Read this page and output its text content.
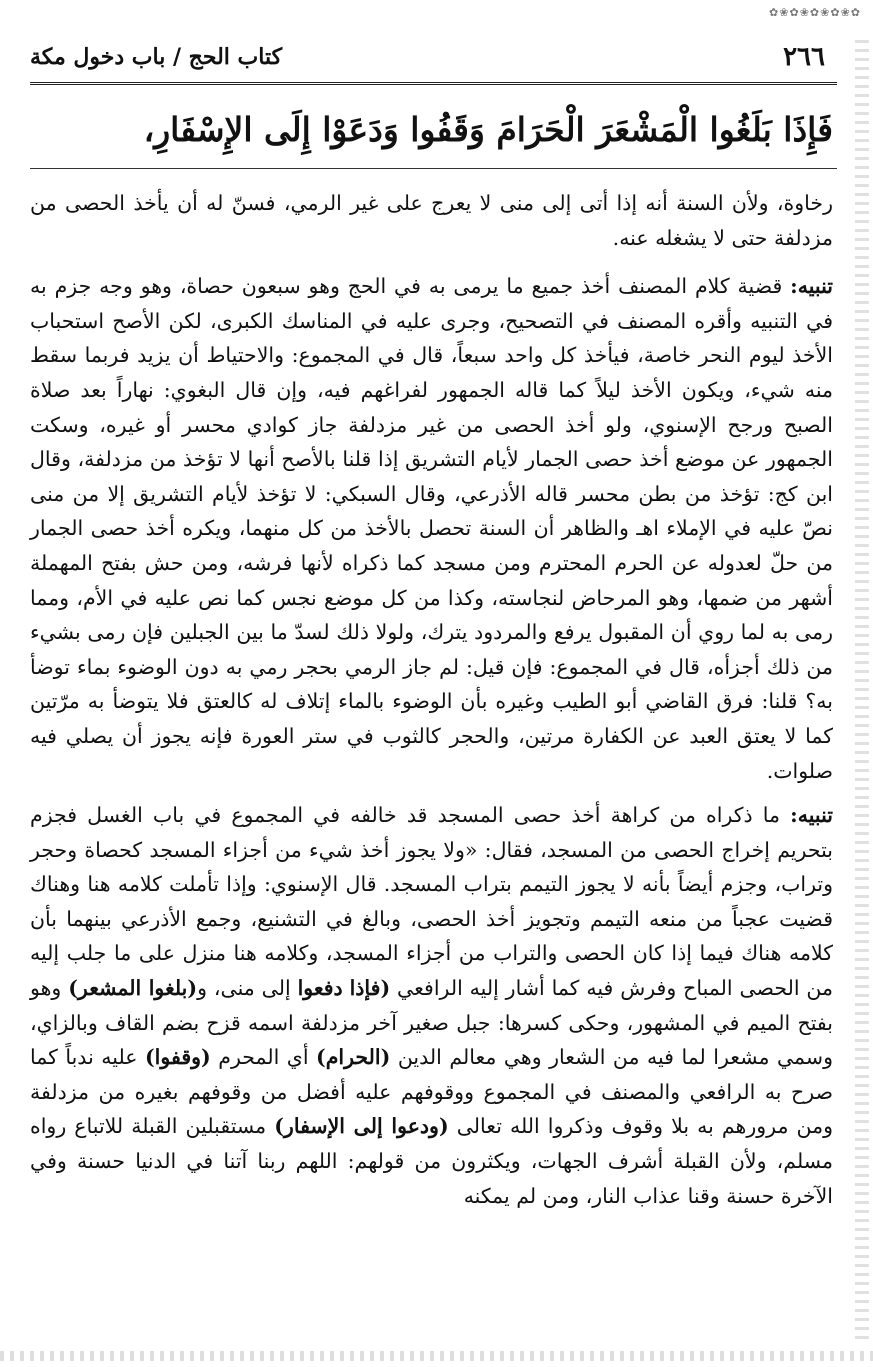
✿❀✿❀✿❀✿❀✿
٢٦٦
كتاب الحج / باب دخول مكة
فَإِذَا بَلَغُوا الْمَشْعَرَ الْحَرَامَ وَقَفُوا وَدَعَوْا إِلَى الإِسْفَارِ،

رخاوة، ولأن السنة أنه إذا أتى إلى منى لا يعرج على غير الرمي، فسنّ له أن يأخذ الحصى من مزدلفة حتى لا يشغله عنه.

تنبيه: قضية كلام المصنف أخذ جميع ما يرمى به في الحج وهو سبعون حصاة، وهو وجه جزم به في التنبيه وأقره المصنف في التصحيح، وجرى عليه في المناسك الكبرى، لكن الأصح استحباب الأخذ ليوم النحر خاصة، فيأخذ كل واحد سبعاً، قال في المجموع: والاحتياط أن يزيد فربما سقط منه شيء، ويكون الأخذ ليلاً كما قاله الجمهور لفراغهم فيه، وإن قال البغوي: نهاراً بعد صلاة الصبح ورجح الإسنوي، ولو أخذ الحصى من غير مزدلفة جاز كوادي محسر أو غيره، وسكت الجمهور عن موضع أخذ حصى الجمار لأيام التشريق إذا قلنا بالأصح أنها لا تؤخذ من مزدلفة، وقال ابن كج: تؤخذ من بطن محسر قاله الأذرعي، وقال السبكي: لا تؤخذ لأيام التشريق إلا من منى نصّ عليه في الإملاء اهـ والظاهر أن السنة تحصل بالأخذ من كل منهما، ويكره أخذ حصى الجمار من حلّ لعدوله عن الحرم المحترم ومن مسجد كما ذكراه لأنها فرشه، ومن حش بفتح المهملة أشهر من ضمها، وهو المرحاض لنجاسته، وكذا من كل موضع نجس كما نص عليه في الأم، ومما رمى به لما روي أن المقبول يرفع والمردود يترك، ولولا ذلك لسدّ ما بين الجبلين فإن رمى بشيء من ذلك أجزأه، قال في المجموع: فإن قيل: لم جاز الرمي بحجر رمي به دون الوضوء بماء توضأ به؟ قلنا: فرق القاضي أبو الطيب وغيره بأن الوضوء بالماء إتلاف له كالعتق فلا يتوضأ به مرّتين كما لا يعتق العبد عن الكفارة مرتين، والحجر كالثوب في ستر العورة فإنه يجوز أن يصلي فيه صلوات.

تنبيه: ما ذكراه من كراهة أخذ حصى المسجد قد خالفه في المجموع في باب الغسل فجزم بتحريم إخراج الحصى من المسجد، فقال: «ولا يجوز أخذ شيء من أجزاء المسجد كحصاة وحجر وتراب، وجزم أيضاً بأنه لا يجوز التيمم بتراب المسجد. قال الإسنوي: وإذا تأملت كلامه هنا وهناك قضيت عجباً من منعه التيمم وتجويز أخذ الحصى، وبالغ في التشنيع، وجمع الأذرعي بينهما بأن كلامه هناك فيما إذا كان الحصى والتراب من أجزاء المسجد، وكلامه هنا منزل على ما جلب إليه من الحصى المباح وفرش فيه كما أشار إليه الرافعي (فإذا دفعوا إلى منى، و(بلغوا المشعر) وهو بفتح الميم في المشهور، وحكى كسرها: جبل صغير آخر مزدلفة اسمه قزح بضم القاف وبالزاي، وسمي مشعرا لما فيه من الشعار وهي معالم الدين (الحرام) أي المحرم (وقفوا) عليه ندباً كما صرح به الرافعي والمصنف في المجموع ووقوفهم عليه أفضل من وقوفهم بغيره من مزدلفة ومن مرورهم به بلا وقوف وذكروا الله تعالى (ودعوا إلى الإسفار) مستقبلين القبلة للاتباع رواه مسلم، ولأن القبلة أشرف الجهات، ويكثرون من قولهم: اللهم ربنا آتنا في الدنيا حسنة وفي الآخرة حسنة وقنا عذاب النار، ومن لم يمكنه
